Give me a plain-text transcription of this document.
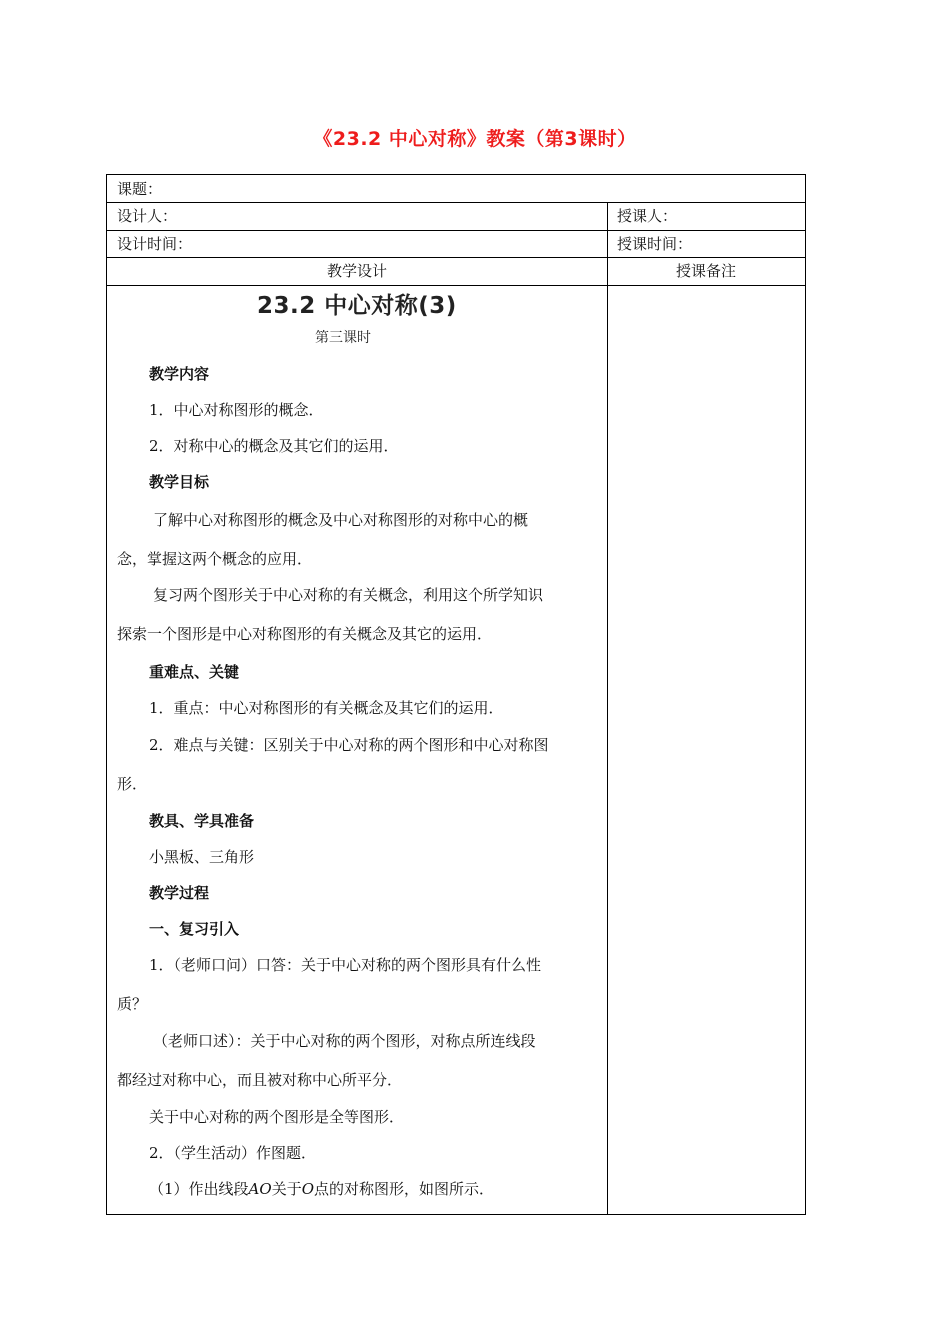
《23.2 中心对称》教案（第3课时）
课题：
设计人：	授课人：
设计时间：	授课时间：
教学设计	授课备注
23.2 中心对称(3)
第三课时
教学内容
1．中心对称图形的概念．
2．对称中心的概念及其它们的运用．
教学目标
了解中心对称图形的概念及中心对称图形的对称中心的概
念，掌握这两个概念的应用．
复习两个图形关于中心对称的有关概念，利用这个所学知识
探索一个图形是中心对称图形的有关概念及其它的运用．
重难点、关键
1．重点：中心对称图形的有关概念及其它们的运用．
2．难点与关键：区别关于中心对称的两个图形和中心对称图
形．
教具、学具准备
小黑板、三角形
教学过程
一、复习引入
1．（老师口问）口答：关于中心对称的两个图形具有什么性
质？
（老师口述）：关于中心对称的两个图形，对称点所连线段
都经过对称中心，而且被对称中心所平分．
关于中心对称的两个图形是全等图形．
2．（学生活动）作图题．
（1）作出线段AO关于O点的对称图形，如图所示．
